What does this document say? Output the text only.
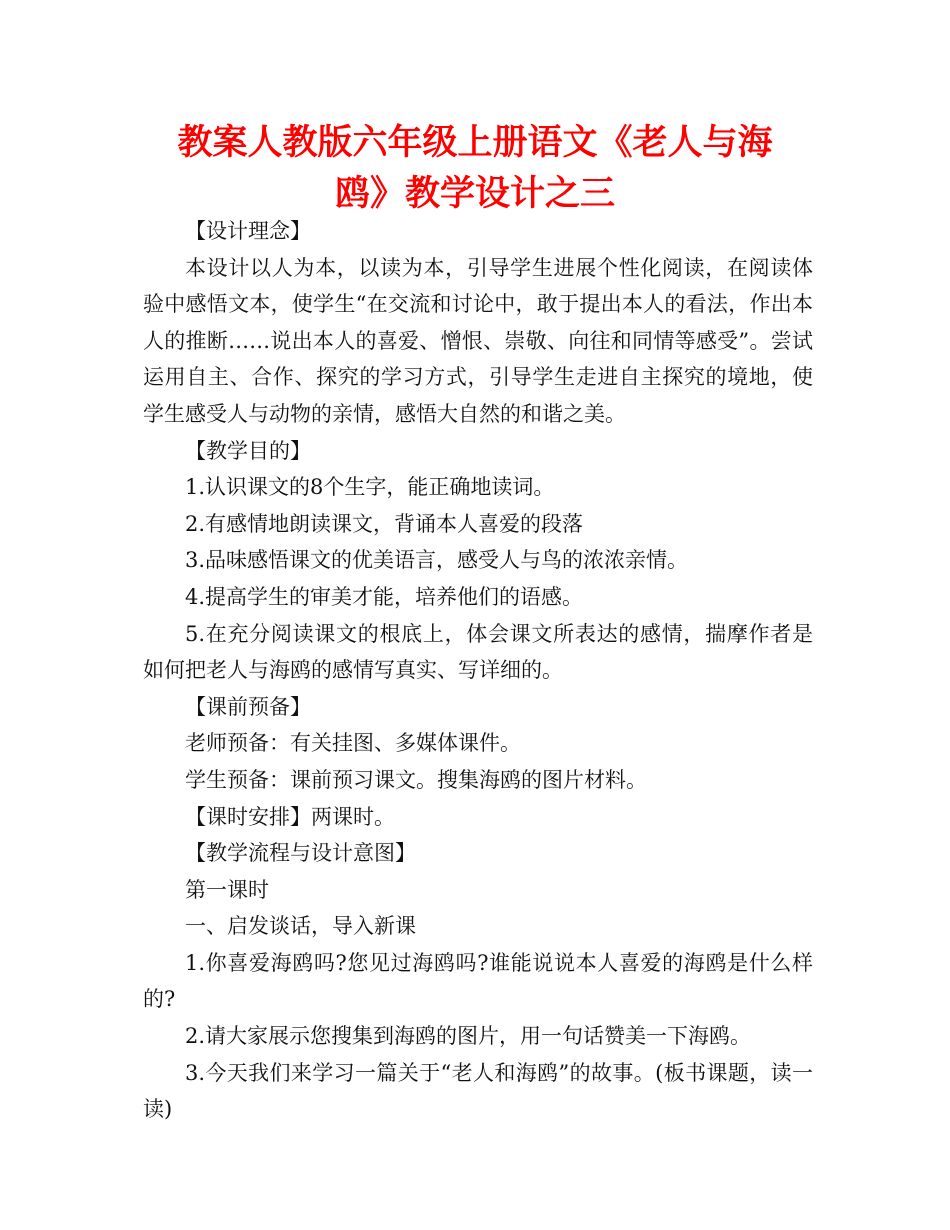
教案人教版六年级上册语文《老人与海
鸥》教学设计之三

【设计理念】

本设计以人为本，以读为本，引导学生进展个性化阅读，在阅读体验中感悟文本，使学生“在交流和讨论中，敢于提出本人的看法，作出本人的推断……说出本人的喜爱、憎恨、崇敬、向往和同情等感受”。尝试运用自主、合作、探究的学习方式，引导学生走进自主探究的境地，使学生感受人与动物的亲情，感悟大自然的和谐之美。

【教学目的】

1.认识课文的8个生字，能正确地读词。

2.有感情地朗读课文，背诵本人喜爱的段落

3.品味感悟课文的优美语言，感受人与鸟的浓浓亲情。

4.提高学生的审美才能，培养他们的语感。

5.在充分阅读课文的根底上，体会课文所表达的感情，揣摩作者是如何把老人与海鸥的感情写真实、写详细的。

【课前预备】

老师预备：有关挂图、多媒体课件。

学生预备：课前预习课文。搜集海鸥的图片材料。

【课时安排】两课时。

【教学流程与设计意图】

第一课时

一、启发谈话，导入新课

1.你喜爱海鸥吗?您见过海鸥吗?谁能说说本人喜爱的海鸥是什么样的?

2.请大家展示您搜集到海鸥的图片，用一句话赞美一下海鸥。

3.今天我们来学习一篇关于“老人和海鸥”的故事。(板书课题，读一读)
